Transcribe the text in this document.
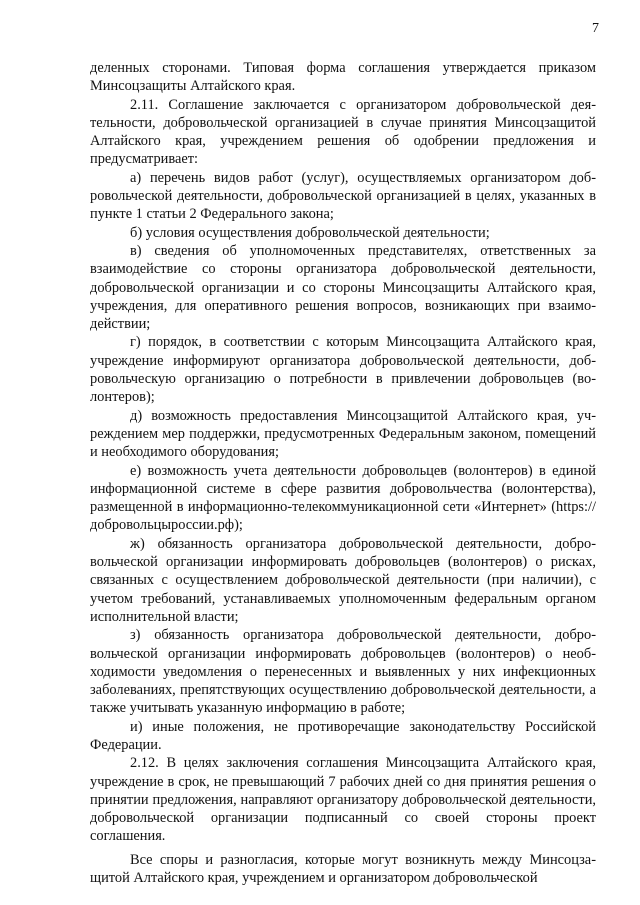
7

деленных сторонами. Типовая форма соглашения утверждается приказом Минсоцзащиты Алтайского края.

2.11. Соглашение заключается с организатором добровольческой деятельности, добровольческой организацией в случае принятия Минсоцзащитой Алтайского края, учреждением решения об одобрении предложения и предусматривает:

а) перечень видов работ (услуг), осуществляемых организатором добровольческой деятельности, добровольческой организацией в целях, указанных в пункте 1 статьи 2 Федерального закона;

б) условия осуществления добровольческой деятельности;

в) сведения об уполномоченных представителях, ответственных за взаимодействие со стороны организатора добровольческой деятельности, добровольческой организации и со стороны Минсоцзащиты Алтайского края, учреждения, для оперативного решения вопросов, возникающих при взаимодействии;

г) порядок, в соответствии с которым Минсоцзащита Алтайского края, учреждение информируют организатора добровольческой деятельности, добровольческую организацию о потребности в привлечении добровольцев (волонтеров);

д) возможность предоставления Минсоцзащитой Алтайского края, учреждением мер поддержки, предусмотренных Федеральным законом, помещений и необходимого оборудования;

е) возможность учета деятельности добровольцев (волонтеров) в единой информационной системе в сфере развития добровольчества (волонтерства), размещенной в информационно-телекоммуникационной сети «Интернет» (https://добровольцыроссии.рф);

ж) обязанность организатора добровольческой деятельности, добровольческой организации информировать добровольцев (волонтеров) о рисках, связанных с осуществлением добровольческой деятельности (при наличии), с учетом требований, устанавливаемых уполномоченным федеральным органом исполнительной власти;

з) обязанность организатора добровольческой деятельности, добровольческой организации информировать добровольцев (волонтеров) о необходимости уведомления о перенесенных и выявленных у них инфекционных заболеваниях, препятствующих осуществлению добровольческой деятельности, а также учитывать указанную информацию в работе;

и) иные положения, не противоречащие законодательству Российской Федерации.

2.12. В целях заключения соглашения Минсоцзащита Алтайского края, учреждение в срок, не превышающий 7 рабочих дней со дня принятия решения о принятии предложения, направляют организатору добровольческой деятельности, добровольческой организации подписанный со своей стороны проект соглашения.

Все споры и разногласия, которые могут возникнуть между Минсоцзащитой Алтайского края, учреждением и организатором добровольческой
